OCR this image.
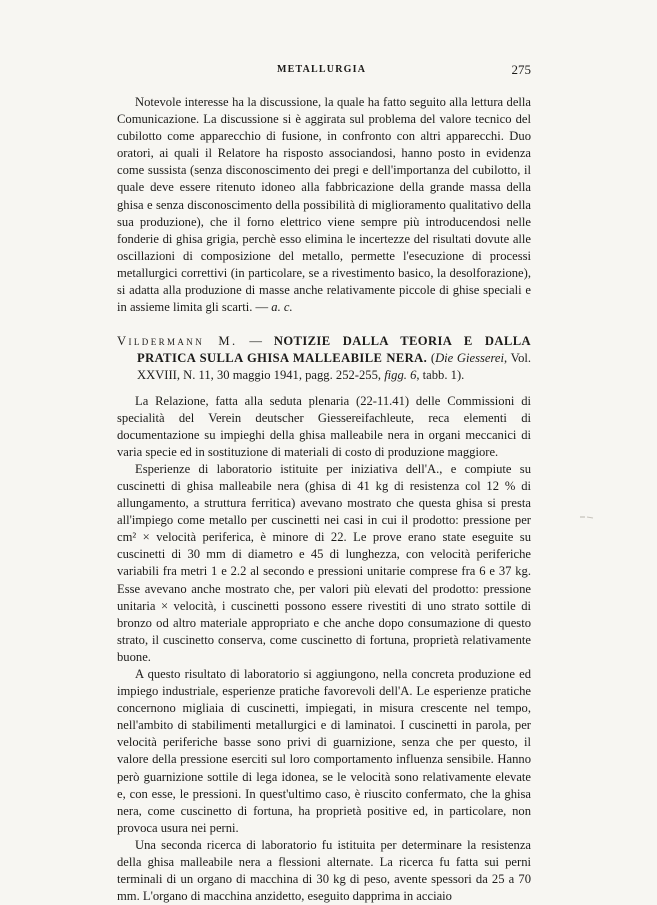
METALLURGIA	275

Notevole interesse ha la discussione, la quale ha fatto seguito alla lettura della Comunicazione. La discussione si è aggirata sul problema del valore tecnico del cubilotto come apparecchio di fusione, in confronto con altri apparecchi. Duo oratori, ai quali il Relatore ha risposto associandosi, hanno posto in evidenza come sussista (senza disconoscimento dei pregi e dell'importanza del cubilotto, il quale deve essere ritenuto idoneo alla fabbricazione della grande massa della ghisa e senza disconoscimento della possibilità di miglioramento qualitativo della sua produzione), che il forno elettrico viene sempre più introducendosi nelle fonderie di ghisa grigia, perchè esso elimina le incertezze del risultati dovute alle oscillazioni di composizione del metallo, permette l'esecuzione di processi metallurgici correttivi (in particolare, se a rivestimento basico, la desolforazione), si adatta alla produzione di masse anche relativamente piccole di ghise speciali e in assieme limita gli scarti. — a. c.

Vildermann M. — NOTIZIE DALLA TEORIA E DALLA PRATICA SULLA GHISA MALLEABILE NERA. (Die Giesserei, Vol. XXVIII, N. 11, 30 maggio 1941, pagg. 252-255, figg. 6, tabb. 1).

La Relazione, fatta alla seduta plenaria (22-11.41) delle Commissioni di specialità del Verein deutscher Giessereifachleute, reca elementi di documentazione su impieghi della ghisa malleabile nera in organi meccanici di varia specie ed in sostituzione di materiali di costo di produzione maggiore.

Esperienze di laboratorio istituite per iniziativa dell'A., e compiute su cuscinetti di ghisa malleabile nera (ghisa di 41 kg di resistenza col 12 % di allungamento, a struttura ferritica) avevano mostrato che questa ghisa si presta all'impiego come metallo per cuscinetti nei casi in cui il prodotto: pressione per cm² × velocità periferica, è minore di 22. Le prove erano state eseguite su cuscinetti di 30 mm di diametro e 45 di lunghezza, con velocità periferiche variabili fra metri 1 e 2.2 al secondo e pressioni unitarie comprese fra 6 e 37 kg. Esse avevano anche mostrato che, per valori più elevati del prodotto: pressione unitaria × velocità, i cuscinetti possono essere rivestiti di uno strato sottile di bronzo od altro materiale appropriato e che anche dopo consumazione di questo strato, il cuscinetto conserva, come cuscinetto di fortuna, proprietà relativamente buone.

A questo risultato di laboratorio si aggiungono, nella concreta produzione ed impiego industriale, esperienze pratiche favorevoli dell'A. Le esperienze pratiche concernono migliaia di cuscinetti, impiegati, in misura crescente nel tempo, nell'ambito di stabilimenti metallurgici e di laminatoi. I cuscinetti in parola, per velocità periferiche basse sono privi di guarnizione, senza che per questo, il valore della pressione eserciti sul loro comportamento influenza sensibile. Hanno però guarnizione sottile di lega idonea, se le velocità sono relativamente elevate e, con esse, le pressioni. In quest'ultimo caso, è riuscito confermato, che la ghisa nera, come cuscinetto di fortuna, ha proprietà positive ed, in particolare, non provoca usura nei perni.

Una seconda ricerca di laboratorio fu istituita per determinare la resistenza della ghisa malleabile nera a flessioni alternate. La ricerca fu fatta sui perni terminali di un organo di macchina di 30 kg di peso, avente spessori da 25 a 70 mm. L'organo di macchina anzidetto, eseguito dapprima in acciaio
